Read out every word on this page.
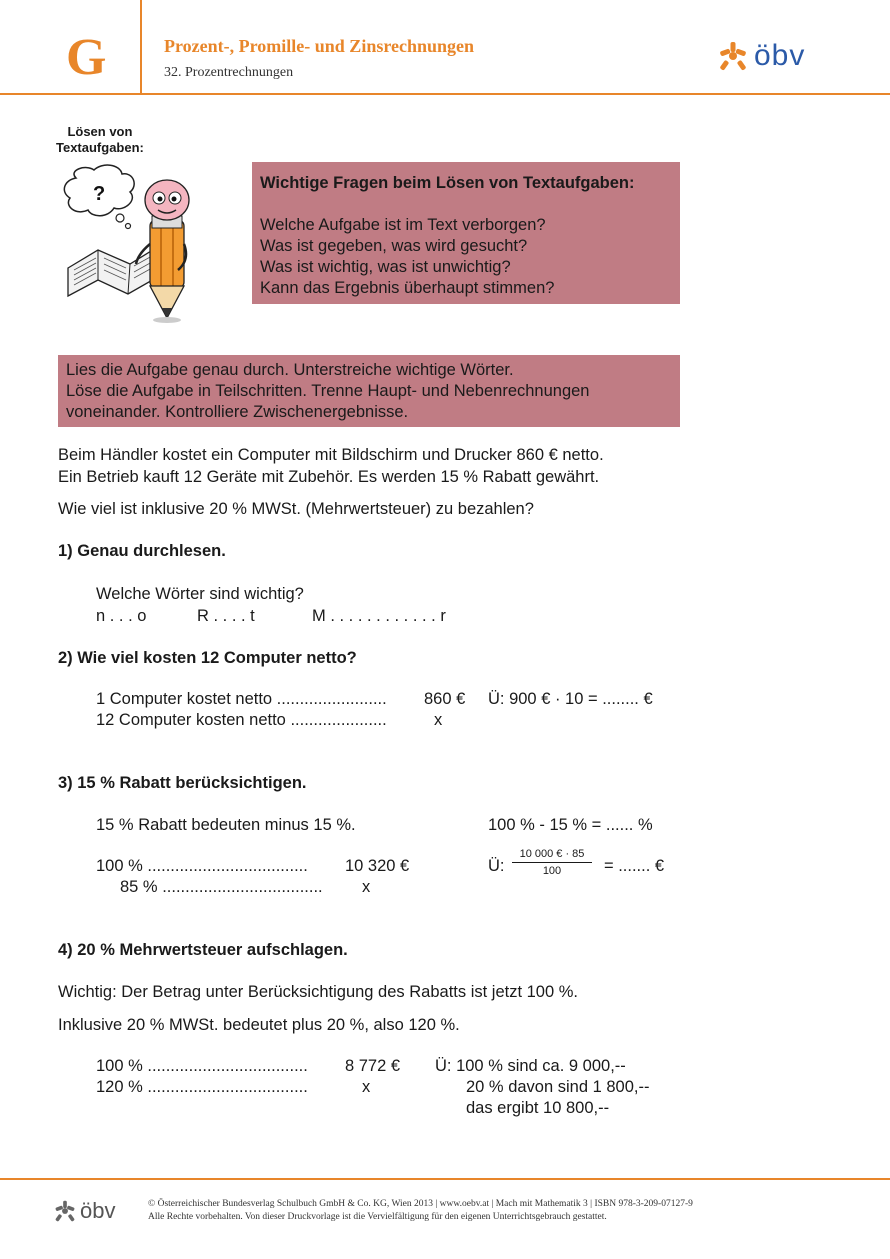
G	Prozent-, Promille- und Zinsrechnungen
32. Prozentrechnungen
öbv
Lösen von
Textaufgaben:
?	Wichtige Fragen beim Lösen von Textaufgaben:
Welche Aufgabe ist im Text verborgen?
Was ist gegeben, was wird gesucht?
Was ist wichtig, was ist unwichtig?
Kann das Ergebnis überhaupt stimmen?
Lies die Aufgabe genau durch. Unterstreiche wichtige Wörter.
Löse die Aufgabe in Teilschritten. Trenne Haupt- und Nebenrechnungen
voneinander. Kontrolliere Zwischenergebnisse.
Beim Händler kostet ein Computer mit Bildschirm und Drucker 860 € netto.
Ein Betrieb kauft 12 Geräte mit Zubehör. Es werden 15 % Rabatt gewährt.
Wie viel ist inklusive 20 % MWSt. (Mehrwertsteuer) zu bezahlen?
1) Genau durchlesen.
Welche Wörter sind wichtig?
n . . . o	R . . . . t	M . . . . . . . . . . . . r
2) Wie viel kosten 12 Computer netto?
1 Computer kostet netto ........................ 860 € Ü: 900 € · 10 = ........ €
12 Computer kosten netto .....................	x
3) 15 % Rabatt berücksichtigen.
15 % Rabatt bedeuten minus 15 %.	100 % - 15 % = ...... %
100 % ................................... 10 320 €	Ü:
10 000 € · 85
100	= ....... €
85 % ................................... x
4) 20 % Mehrwertsteuer aufschlagen.
Wichtig: Der Betrag unter Berücksichtigung des Rabatts ist jetzt 100 %.
Inklusive 20 % MWSt. bedeutet plus 20 %, also 120 %.
100 % ................................... 8 772 € Ü: 100 % sind ca. 9 000,--
120 % ...................................	x	20 % davon sind 1 800,--
das ergibt 10 800,--
öbv	© Österreichischer Bundesverlag Schulbuch GmbH & Co. KG, Wien 2013 | www.oebv.at | Mach mit Mathematik 3 | ISBN 978-3-209-07127-9
Alle Rechte vorbehalten. Von dieser Druckvorlage ist die Vervielfältigung für den eigenen Unterrichtsgebrauch gestattet.
